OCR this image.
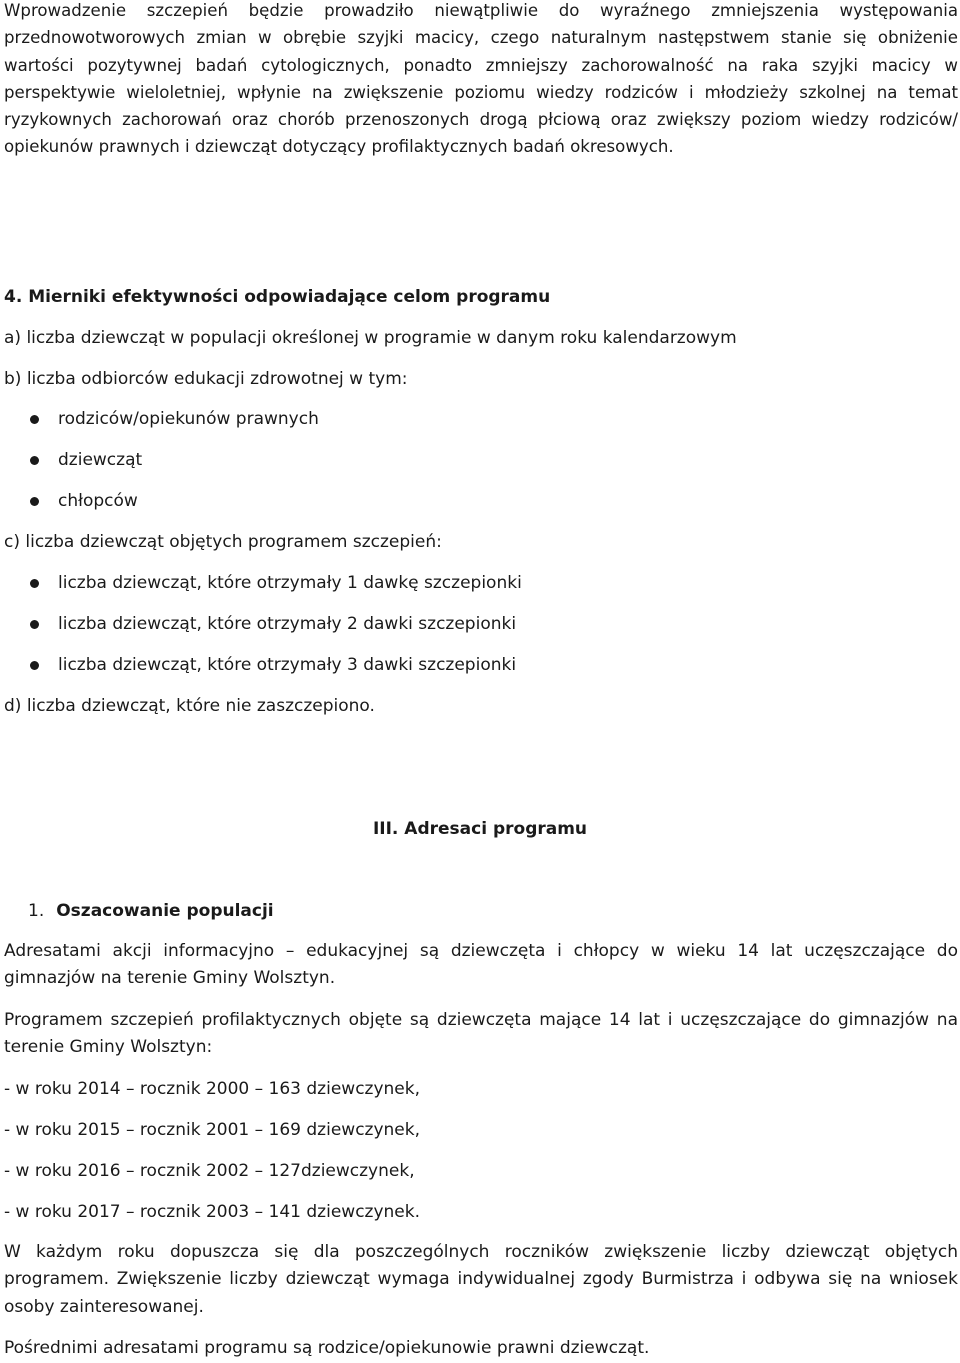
Wprowadzenie szczepień będzie prowadziło niewątpliwie do wyraźnego zmniejszenia występowania przednowotworowych zmian w obrębie szyjki macicy, czego naturalnym następstwem stanie się obniżenie wartości pozytywnej badań cytologicznych, ponadto zmniejszy zachorowalność na raka szyjki macicy w perspektywie wieloletniej, wpłynie na zwiększenie poziomu wiedzy rodziców i młodzieży szkolnej na temat ryzykownych zachorowań oraz chorób przenoszonych drogą płciową oraz zwiększy poziom wiedzy rodziców/ opiekunów prawnych i dziewcząt dotyczący profilaktycznych badań okresowych.

4. Mierniki efektywności odpowiadające celom programu

a) liczba dziewcząt w populacji określonej w programie w danym roku kalendarzowym

b) liczba odbiorców edukacji zdrowotnej w tym:

rodziców/opiekunów prawnych
dziewcząt
chłopców

c) liczba dziewcząt objętych programem szczepień:

liczba dziewcząt, które otrzymały 1 dawkę szczepionki
liczba dziewcząt, które otrzymały 2 dawki szczepionki
liczba dziewcząt, które otrzymały 3 dawki szczepionki

d) liczba dziewcząt, które nie zaszczepiono.

III. Adresaci programu

1. Oszacowanie populacji

Adresatami akcji informacyjno – edukacyjnej są dziewczęta i chłopcy w wieku 14 lat uczęszczające do gimnazjów na terenie Gminy Wolsztyn.

Programem szczepień profilaktycznych objęte są dziewczęta mające 14 lat i uczęszczające do gimnazjów na terenie Gminy Wolsztyn:

- w roku 2014 – rocznik 2000 – 163 dziewczynek,

- w roku 2015 – rocznik 2001 – 169 dziewczynek,

- w roku 2016 – rocznik 2002 – 127dziewczynek,

- w roku 2017 – rocznik 2003 – 141 dziewczynek.

W każdym roku dopuszcza się dla poszczególnych roczników zwiększenie liczby dziewcząt objętych programem. Zwiększenie liczby dziewcząt wymaga indywidualnej zgody Burmistrza i odbywa się na wniosek osoby zainteresowanej.

Pośrednimi adresatami programu są rodzice/opiekunowie prawni dziewcząt.
